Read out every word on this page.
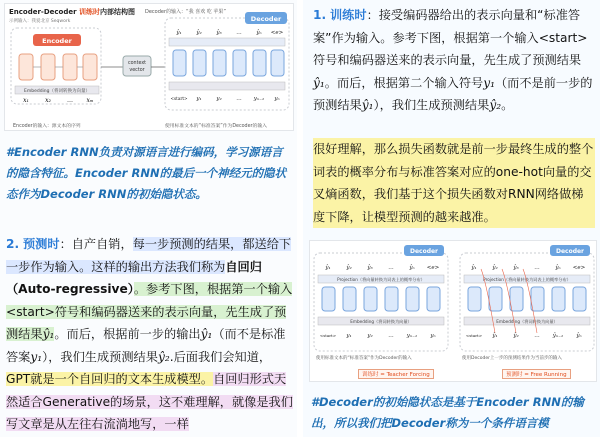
Encoder-Decoder 训练时内部结构图
示例输入：我爱北京 Seqwork
Decoder的输入：“我 喜欢 吃 苹果”
Encoder
Embedding（将词转换为向量）
x₁	x₂	… xₘ
context
vector
Decoder
ŷ₁	ŷ₂	ŷ₃	…	ŷₙ <e>
<start> y₁	y₂	… yₙ₋₁ yₙ
Encoder的输入：源文本的序列	使用标准文本的“标准答案”作为Decoder的输入
#Encoder RNN负责对源语言进行编码，学习源语言的隐含特征。Encoder RNN的最后一个神经元的隐状态作为Decoder RNN的初始隐状态。
2. 预测时：自产自销，每一步预测的结果，都送给下一步作为输入。这样的输出方法我们称为自回归（Auto-regressive）。参考下图，根据第一个输入<start>符号和编码器送来的表示向量，先生成了预测结果ŷ₁。而后，根据前一步的输出ŷ₁（而不是标准答案y₁），我们生成预测结果ŷ₂.后面我们会知道，GPT就是一个自回归的文本生成模型。自回归形式天然适合Generative的场景，这不难理解，就像是我们写文章是从左往右流淌地写，一样
1. 训练时：接受编码器给出的表示向量和“标准答案”作为输入。参考下图，根据第一个输入<start>符号和编码器送来的表示向量，先生成了预测结果ŷ₁。而后，根据第二个输入符号y₁（而不是前一步的预测结果ŷ₁），我们生成预测结果ŷ₂。
很好理解，那么损失函数就是前一步最终生成的整个词表的概率分布与标准答案对应的one-hot向量的交叉熵函数，我们基于这个损失函数对RNN网络做梯度下降，让模型预测的越来越准。
Decoder
Projection（将向量转换为词表上的概率分布）
Embedding（将词转换为向量）
ŷ₁	ŷ₂	ŷ₃	…	ŷₙ <e>
<start> y₁	y₂	… yₙ₋₁ yₙ
Decoder
Projection（将向量转换为词表上的概率分布）
Embedding（将词转换为向量）
ŷ₁	ŷ₂	ŷ₃	…	ŷₙ <e>
<start> ŷ₁	ŷ₂	… ŷₙ₋₁ ŷₙ
使用标准文本的“标准答案”作为Decoder的输入	使用Decoder上一步的预测结果作为当前步的输入
训练时 = Teacher Forcing	预测时 = Free Running
#Decoder的初始隐状态是基于Encoder RNN的输出，所以我们把Decoder称为一个条件语言模
